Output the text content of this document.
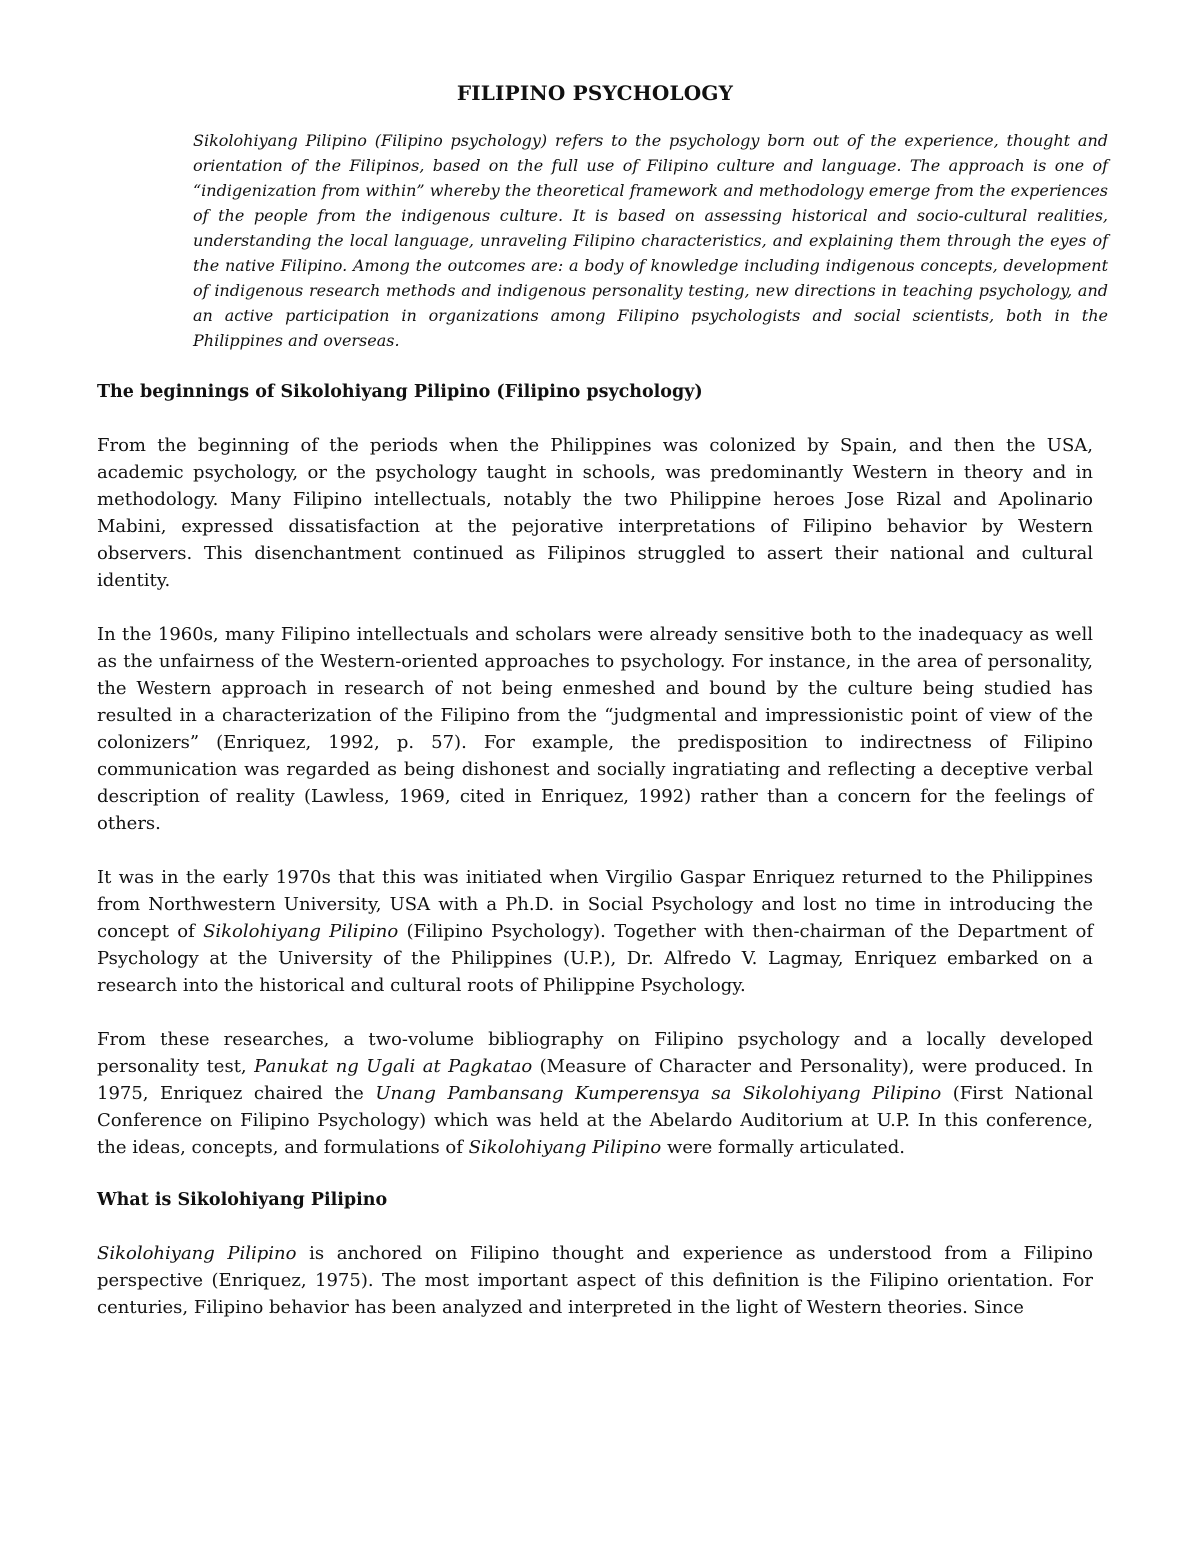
FILIPINO PSYCHOLOGY

Sikolohiyang Pilipino (Filipino psychology) refers to the psychology born out of the experience, thought and orientation of the Filipinos, based on the full use of Filipino culture and language. The approach is one of “indigenization from within” whereby the theoretical framework and methodology emerge from the experiences of the people from the indigenous culture. It is based on assessing historical and socio-cultural realities, understanding the local language, unraveling Filipino characteristics, and explaining them through the eyes of the native Filipino. Among the outcomes are: a body of knowledge including indigenous concepts, development of indigenous research methods and indigenous personality testing, new directions in teaching psychology, and an active participation in organizations among Filipino psychologists and social scientists, both in the Philippines and overseas.

The beginnings of Sikolohiyang Pilipino (Filipino psychology)

From the beginning of the periods when the Philippines was colonized by Spain, and then the USA, academic psychology, or the psychology taught in schools, was predominantly Western in theory and in methodology. Many Filipino intellectuals, notably the two Philippine heroes Jose Rizal and Apolinario Mabini, expressed dissatisfaction at the pejorative interpretations of Filipino behavior by Western observers. This disenchantment continued as Filipinos struggled to assert their national and cultural identity.

In the 1960s, many Filipino intellectuals and scholars were already sensitive both to the inadequacy as well as the unfairness of the Western-oriented approaches to psychology. For instance, in the area of personality, the Western approach in research of not being enmeshed and bound by the culture being studied has resulted in a characterization of the Filipino from the “judgmental and impressionistic point of view of the colonizers” (Enriquez, 1992, p. 57). For example, the predisposition to indirectness of Filipino communication was regarded as being dishonest and socially ingratiating and reflecting a deceptive verbal description of reality (Lawless, 1969, cited in Enriquez, 1992) rather than a concern for the feelings of others.

It was in the early 1970s that this was initiated when Virgilio Gaspar Enriquez returned to the Philippines from Northwestern University, USA with a Ph.D. in Social Psychology and lost no time in introducing the concept of Sikolohiyang Pilipino (Filipino Psychology). Together with then-chairman of the Department of Psychology at the University of the Philippines (U.P.), Dr. Alfredo V. Lagmay, Enriquez embarked on a research into the historical and cultural roots of Philippine Psychology.

From these researches, a two-volume bibliography on Filipino psychology and a locally developed personality test, Panukat ng Ugali at Pagkatao (Measure of Character and Personality), were produced. In 1975, Enriquez chaired the Unang Pambansang Kumperensya sa Sikolohiyang Pilipino (First National Conference on Filipino Psychology) which was held at the Abelardo Auditorium at U.P. In this conference, the ideas, concepts, and formulations of Sikolohiyang Pilipino were formally articulated.

What is Sikolohiyang Pilipino

Sikolohiyang Pilipino is anchored on Filipino thought and experience as understood from a Filipino perspective (Enriquez, 1975). The most important aspect of this definition is the Filipino orientation. For centuries, Filipino behavior has been analyzed and interpreted in the light of Western theories. Since
